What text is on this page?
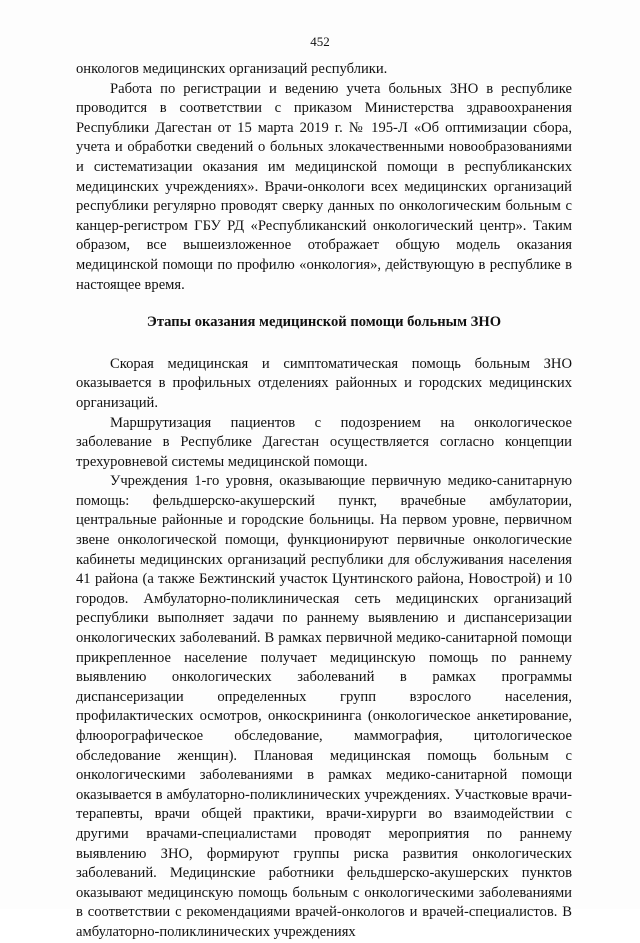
452

онкологов медицинских организаций республики.

Работа по регистрации и ведению учета больных ЗНО в республике проводится в соответствии с приказом Министерства здравоохранения Республики Дагестан от 15 марта 2019 г. № 195-Л «Об оптимизации сбора, учета и обработки сведений о больных злокачественными новообразованиями и систематизации оказания им медицинской помощи в республиканских медицинских учреждениях». Врачи-онкологи всех медицинских организаций республики регулярно проводят сверку данных по онкологическим больным с канцер-регистром ГБУ РД «Республиканский онкологический центр». Таким образом, все вышеизложенное отображает общую модель оказания медицинской помощи по профилю «онкология», действующую в республике в настоящее время.

Этапы оказания медицинской помощи больным ЗНО

Скорая медицинская и симптоматическая помощь больным ЗНО оказывается в профильных отделениях районных и городских медицинских организаций.

Маршрутизация пациентов с подозрением на онкологическое заболевание в Республике Дагестан осуществляется согласно концепции трехуровневой системы медицинской помощи.

Учреждения 1-го уровня, оказывающие первичную медико-санитарную помощь: фельдшерско-акушерский пункт, врачебные амбулатории, центральные районные и городские больницы. На первом уровне, первичном звене онкологической помощи, функционируют первичные онкологические кабинеты медицинских организаций республики для обслуживания населения 41 района (а также Бежтинский участок Цунтинского района, Новострой) и 10 городов. Амбулаторно-поликлиническая сеть медицинских организаций республики выполняет задачи по раннему выявлению и диспансеризации онкологических заболеваний. В рамках первичной медико-санитарной помощи прикрепленное население получает медицинскую помощь по раннему выявлению онкологических заболеваний в рамках программы диспансеризации определенных групп взрослого населения, профилактических осмотров, онкоскрининга (онкологическое анкетирование, флюорографическое обследование, маммография, цитологическое обследование женщин). Плановая медицинская помощь больным с онкологическими заболеваниями в рамках медико-санитарной помощи оказывается в амбулаторно-поликлинических учреждениях. Участковые врачи-терапевты, врачи общей практики, врачи-хирурги во взаимодействии с другими врачами-специалистами проводят мероприятия по раннему выявлению ЗНО, формируют группы риска развития онкологических заболеваний. Медицинские работники фельдшерско-акушерских пунктов оказывают медицинскую помощь больным с онкологическими заболеваниями в соответствии с рекомендациями врачей-онкологов и врачей-специалистов. В амбулаторно-поликлинических учреждениях
